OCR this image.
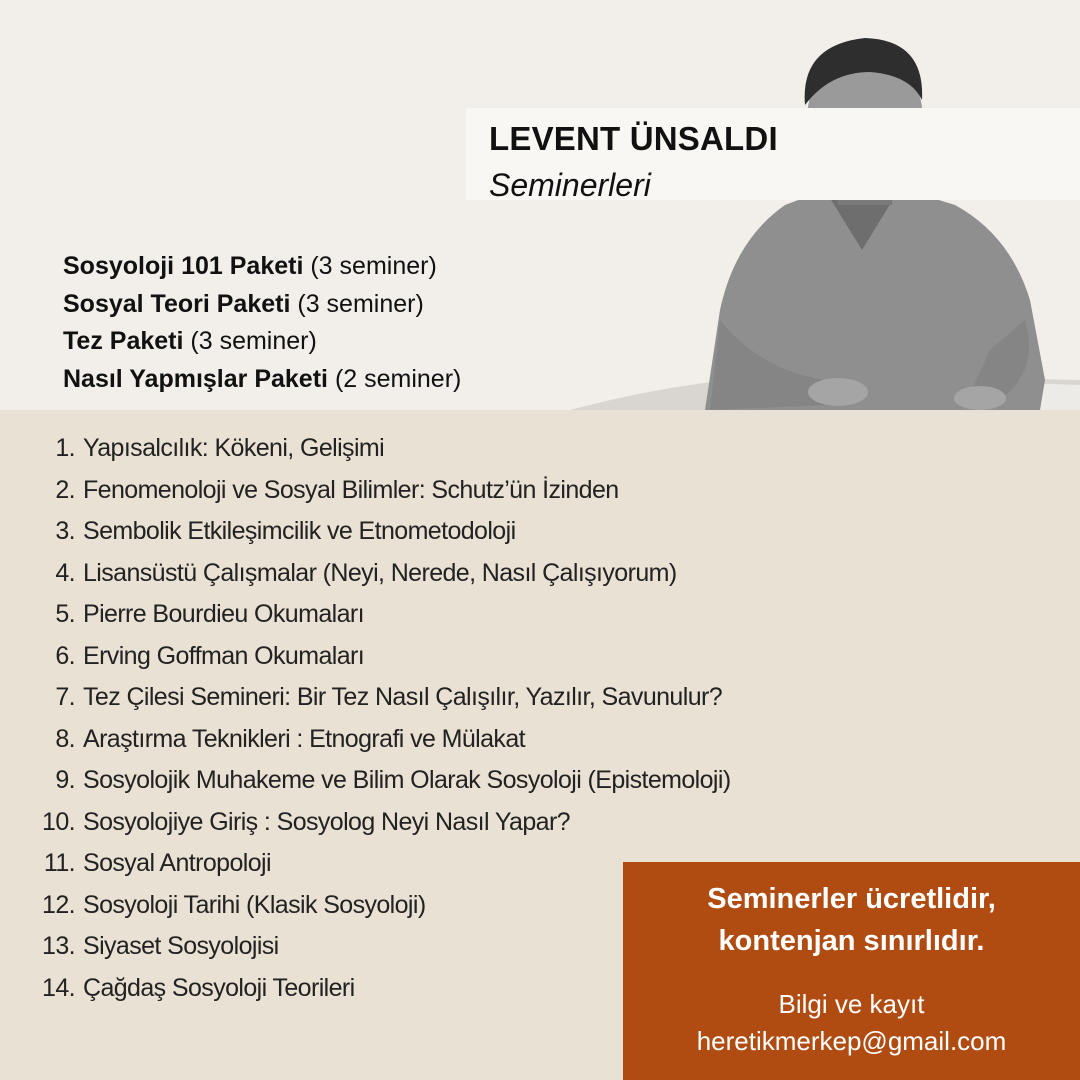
LEVENT ÜNSALDI
Seminerleri
Sosyoloji 101 Paketi (3 seminer)
Sosyal Teori Paketi (3 seminer)
Tez Paketi (3 seminer)
Nasıl Yapmışlar Paketi (2 seminer)
1. Yapısalcılık: Kökeni, Gelişimi
2. Fenomenoloji ve Sosyal Bilimler: Schutz’ün İzinden
3. Sembolik Etkileşimcilik ve Etnometodoloji
4. Lisansüstü Çalışmalar (Neyi, Nerede, Nasıl Çalışıyorum)
5. Pierre Bourdieu Okumaları
6. Erving Goffman Okumaları
7. Tez Çilesi Semineri: Bir Tez Nasıl Çalışılır, Yazılır, Savunulur?
8. Araştırma Teknikleri : Etnografi ve Mülakat
9. Sosyolojik Muhakeme ve Bilim Olarak Sosyoloji (Epistemoloji)
10. Sosyolojiye Giriş : Sosyolog Neyi Nasıl Yapar?
11. Sosyal Antropoloji
12. Sosyoloji Tarihi (Klasik Sosyoloji)
13. Siyaset Sosyolojisi
14. Çağdaş Sosyoloji Teorileri
Seminerler ücretlidir,
kontenjan sınırlıdır.
Bilgi ve kayıt
heretikmerkep@gmail.com
